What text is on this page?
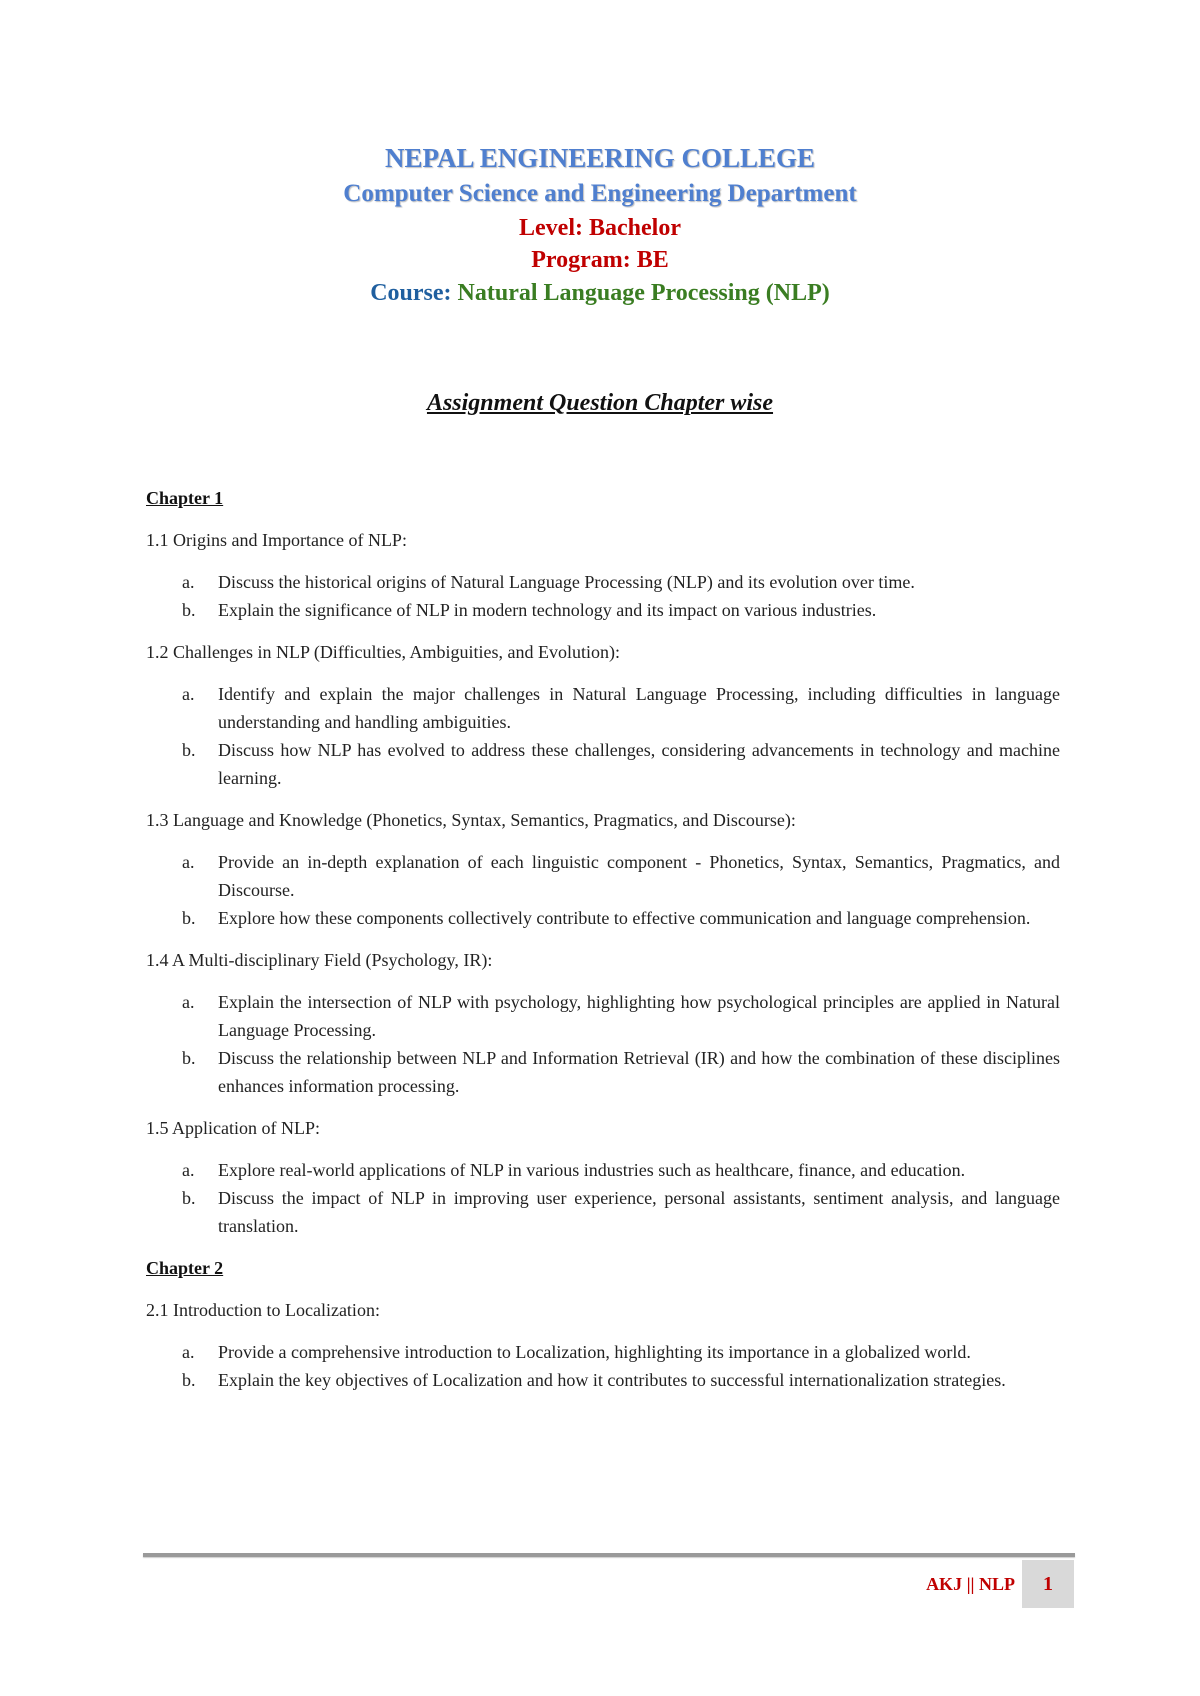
NEPAL ENGINEERING COLLEGE
Computer Science and Engineering Department
Level: Bachelor
Program: BE
Course: Natural Language Processing (NLP)
Assignment Question Chapter wise
Chapter 1
1.1 Origins and Importance of NLP:
a. Discuss the historical origins of Natural Language Processing (NLP) and its evolution over time.
b. Explain the significance of NLP in modern technology and its impact on various industries.
1.2 Challenges in NLP (Difficulties, Ambiguities, and Evolution):
a. Identify and explain the major challenges in Natural Language Processing, including difficulties in language understanding and handling ambiguities.
b. Discuss how NLP has evolved to address these challenges, considering advancements in technology and machine learning.
1.3 Language and Knowledge (Phonetics, Syntax, Semantics, Pragmatics, and Discourse):
a. Provide an in-depth explanation of each linguistic component - Phonetics, Syntax, Semantics, Pragmatics, and Discourse.
b. Explore how these components collectively contribute to effective communication and language comprehension.
1.4 A Multi-disciplinary Field (Psychology, IR):
a. Explain the intersection of NLP with psychology, highlighting how psychological principles are applied in Natural Language Processing.
b. Discuss the relationship between NLP and Information Retrieval (IR) and how the combination of these disciplines enhances information processing.
1.5 Application of NLP:
a. Explore real-world applications of NLP in various industries such as healthcare, finance, and education.
b. Discuss the impact of NLP in improving user experience, personal assistants, sentiment analysis, and language translation.
Chapter 2
2.1 Introduction to Localization:
a. Provide a comprehensive introduction to Localization, highlighting its importance in a globalized world.
b. Explain the key objectives of Localization and how it contributes to successful internationalization strategies.
AKJ || NLP	1
